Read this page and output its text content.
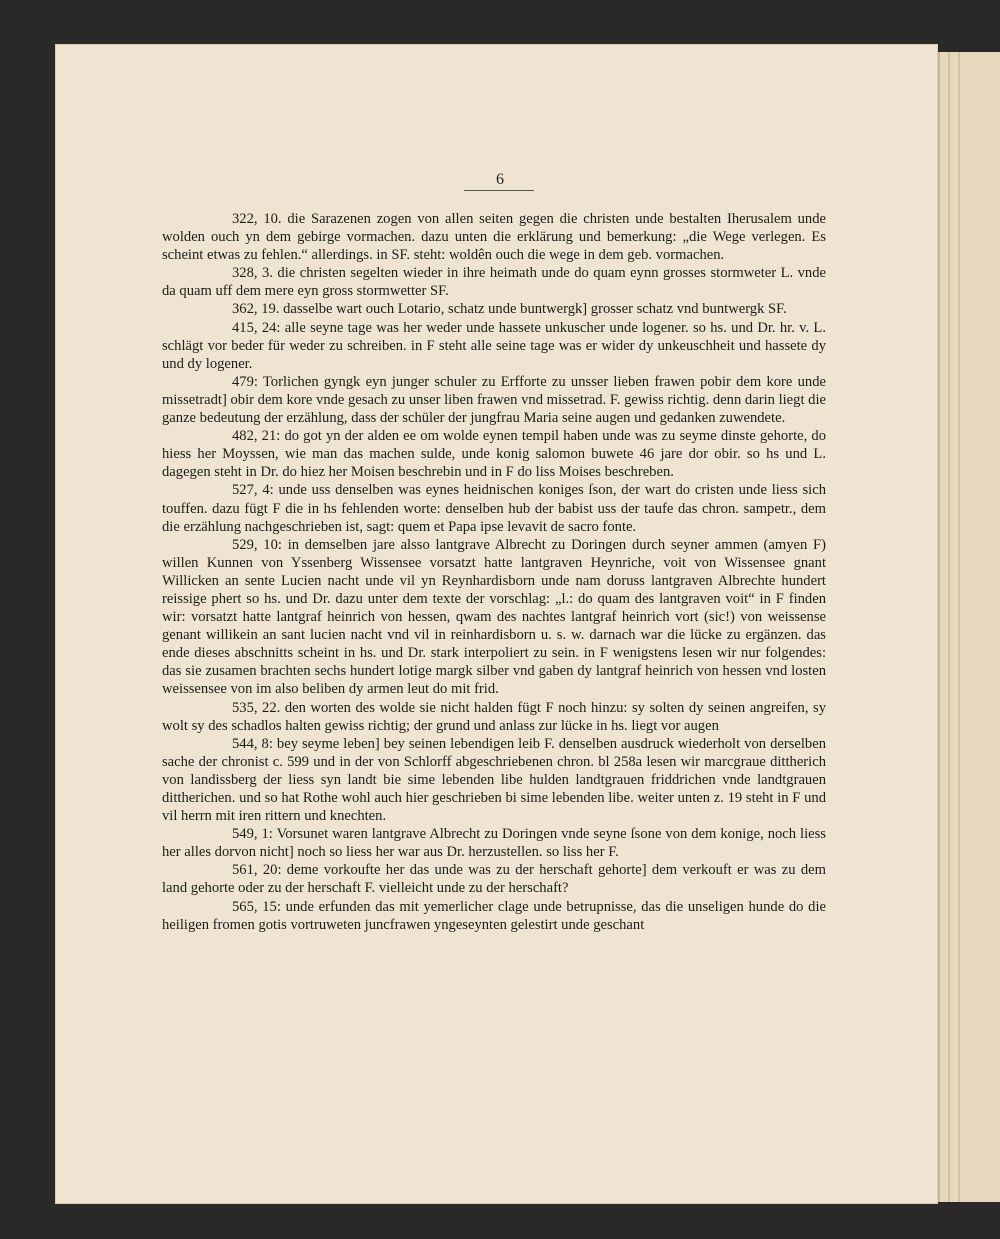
6

322, 10. die Sarazenen zogen von allen seiten gegen die christen unde bestalten Iherusalem unde wolden ouch yn dem gebirge vormachen. dazu unten die erklärung und bemerkung: „die Wege verlegen. Es scheint etwas zu fehlen.“ allerdings. in SF. steht: woldên ouch die wege in dem geb. vormachen.

328, 3. die christen segelten wieder in ihre heimath unde do quam eynn grosses stormweter L. vnde da quam uff dem mere eyn gross stormwetter SF.

362, 19. dasselbe wart ouch Lotario, schatz unde buntwergk] grosser schatz vnd buntwergk SF.

415, 24: alle seyne tage was her weder unde hassete unkuscher unde logener. so hs. und Dr. hr. v. L. schlägt vor beder für weder zu schreiben. in F steht alle seine tage was er wider dy unkeuschheit und hassete dy und dy logener.

479: Torlichen gyngk eyn junger schuler zu Erfforte zu unsser lieben frawen pobir dem kore unde missetradt] obir dem kore vnde gesach zu unser liben frawen vnd missetrad. F. gewiss richtig. denn darin liegt die ganze bedeutung der erzählung, dass der schüler der jungfrau Maria seine augen und gedanken zuwendete.

482, 21: do got yn der alden ee om wolde eynen tempil haben unde was zu seyme dinste gehorte, do hiess her Moyssen, wie man das machen sulde, unde konig salomon buwete 46 jare dor obir. so hs und L. dagegen steht in Dr. do hiez her Moisen beschrebin und in F do liss Moises beschreben.

527, 4: unde uss denselben was eynes heidnischen koniges ſson, der wart do cristen unde liess sich touffen. dazu fügt F die in hs fehlenden worte: denselben hub der babist uss der taufe das chron. sampetr., dem die erzählung nachgeschrieben ist, sagt: quem et Papa ipse levavit de sacro fonte.

529, 10: in demselben jare alsso lantgrave Albrecht zu Doringen durch seyner ammen (amyen F) willen Kunnen von Yssenberg Wissensee vorsatzt hatte lantgraven Heynriche, voit von Wissensee gnant Willicken an sente Lucien nacht unde vil yn Reynhardisborn unde nam doruss lantgraven Albrechte hundert reissige phert so hs. und Dr. dazu unter dem texte der vorschlag: „l.: do quam des lantgraven voit“ in F finden wir: vorsatzt hatte lantgraf heinrich von hessen, qwam des nachtes lantgraf heinrich vort (sic!) von weissense genant willikein an sant lucien nacht vnd vil in reinhardisborn u. s. w. darnach war die lücke zu ergänzen. das ende dieses abschnitts scheint in hs. und Dr. stark interpoliert zu sein. in F wenigstens lesen wir nur folgendes: das sie zusamen brachten sechs hundert lotige margk silber vnd gaben dy lantgraf heinrich von hessen vnd losten weissensee von im also beliben dy armen leut do mit frid.

535, 22. den worten des wolde sie nicht halden fügt F noch hinzu: sy solten dy seinen angreifen, sy wolt sy des schadlos halten gewiss richtig; der grund und anlass zur lücke in hs. liegt vor augen

544, 8: bey seyme leben] bey seinen lebendigen leib F. denselben ausdruck wiederholt von derselben sache der chronist c. 599 und in der von Schlorff abgeschriebenen chron. bl 258a lesen wir marcgraue dittherich von landissberg der liess syn landt bie sime lebenden libe hulden landtgrauen friddrichen vnde landtgrauen dittherichen. und so hat Rothe wohl auch hier geschrieben bi sime lebenden libe. weiter unten z. 19 steht in F und vil herrn mit iren rittern und knechten.

549, 1: Vorsunet waren lantgrave Albrecht zu Doringen vnde seyne ſsone von dem konige, noch liess her alles dorvon nicht] noch so liess her war aus Dr. herzustellen. so liss her F.

561, 20: deme vorkoufte her das unde was zu der herschaft gehorte] dem verkouft er was zu dem land gehorte oder zu der herschaft F. vielleicht unde zu der herschaft?

565, 15: unde erfunden das mit yemerlicher clage unde betrupnisse, das die unseligen hunde do die heiligen fromen gotis vortruweten juncfrawen yngeseynten gelestirt unde geschant
